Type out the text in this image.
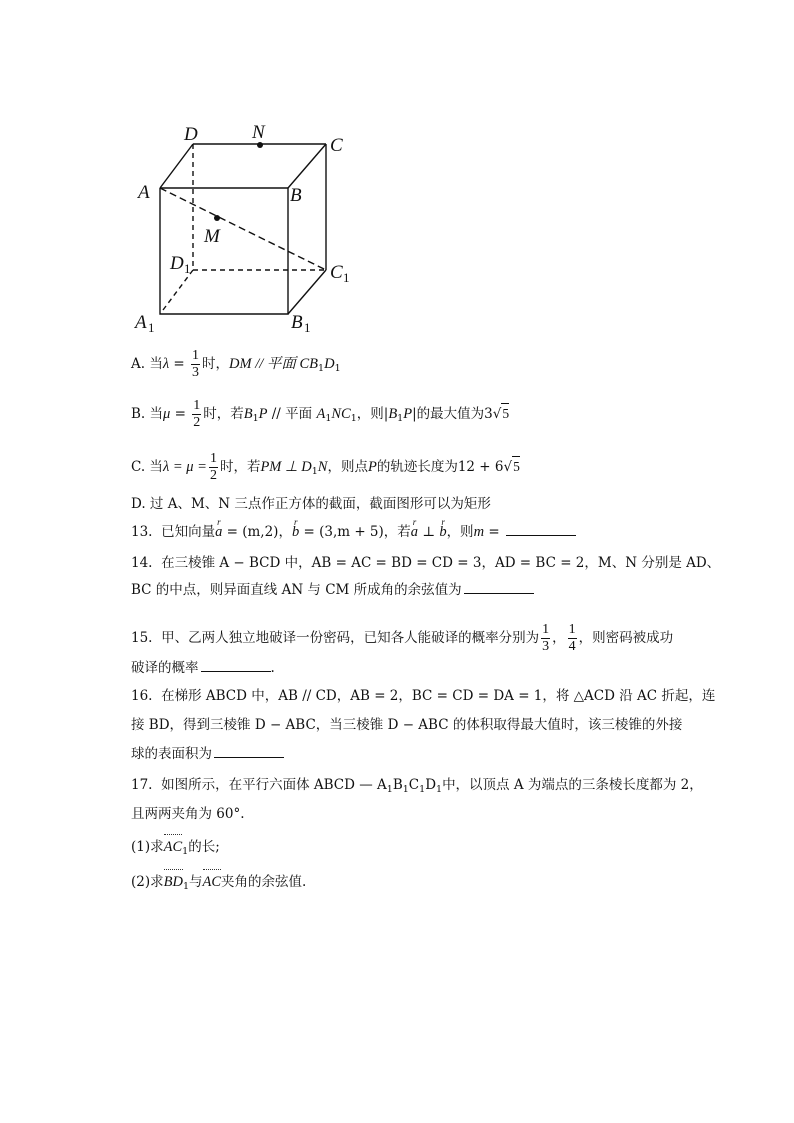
D	N
C
A	B
M
D 1	C 1
A 1	B 1
A. 当$\lambda = \frac{1}{3}$ 时，DM // 平面 $CB_1D_1$
B. 当$\mu = \frac{1}{2}$ 时，若$B_1P$ // 平面 $A_1NC_1$，则$|B_1P|$的最大值为3√5
C. 当$\lambda = \mu = \frac{1}{2}$ 时，若PM ⊥ $D_1N$，则点P的轨迹长度为12 + 6√5
D. 过 A、M、N 三点作正方体的截面，截面图形可以为矩形
13. 已知向量r a = (m,2)，r b = (3,m + 5)，若r a ⊥ r b，则m =
14. 在三棱锥 A − BCD 中，AB = AC = BD = CD = 3，AD = BC = 2，M、N 分别是 AD、
BC 的中点，则异面直线 AN 与 CM 所成角的余弦值为
15. 甲、乙两人独立地破译一份密码，已知各人能破译的概率分别为 $\frac{1}{3}$ ， $\frac{1}{4}$ ，则密码被成功
破译的概率	.
16. 在梯形 ABCD 中，AB // CD，AB = 2，BC = CD = DA = 1，将 △ACD 沿 AC 折起，连
接 BD，得到三棱锥 D − ABC，当三棱锥 D − ABC 的体积取得最大值时，该三棱锥的外接
球的表面积为
17. 如图所示，在平行六面体 ABCD — $A_1B_1C_1D_1$中，以顶点 A 为端点的三条棱长度都为 2，
且两两夹角为 60°.
(1)求$AC_1$的长;
(2)求$BD_1$与AC夹角的余弦值.
